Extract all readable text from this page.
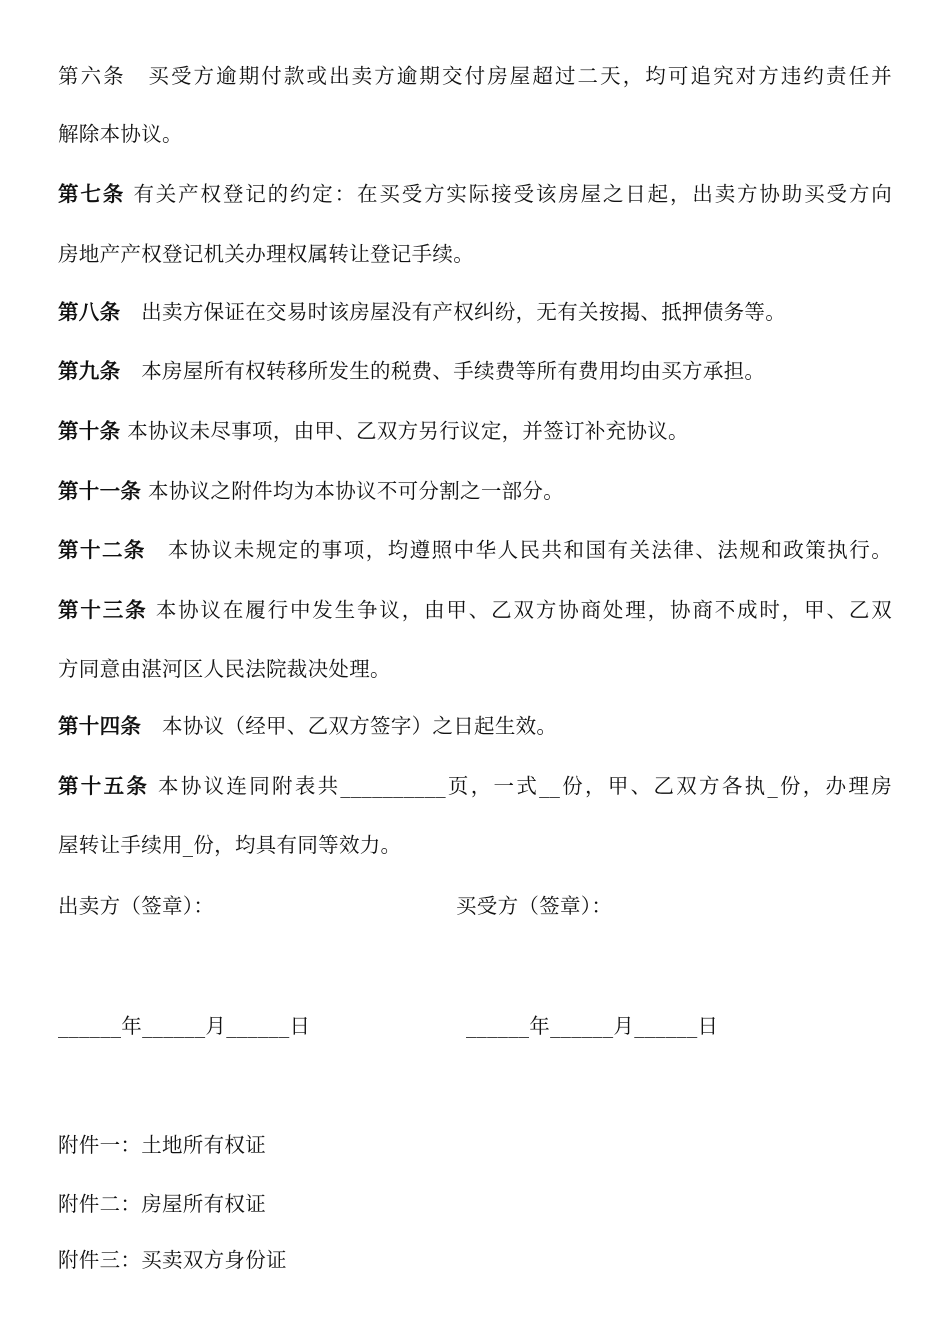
第六条  买受方逾期付款或出卖方逾期交付房屋超过二天，均可追究对方违约责任并
解除本协议。
第七条 有关产权登记的约定：在买受方实际接受该房屋之日起，出卖方协助买受方向
房地产产权登记机关办理权属转让登记手续。
第八条  出卖方保证在交易时该房屋没有产权纠纷，无有关按揭、抵押债务等。
第九条  本房屋所有权转移所发生的税费、手续费等所有费用均由买方承担。
第十条 本协议未尽事项，由甲、乙双方另行议定，并签订补充协议。
第十一条 本协议之附件均为本协议不可分割之一部分。
第十二条  本协议未规定的事项，均遵照中华人民共和国有关法律、法规和政策执行。
第十三条 本协议在履行中发生争议，由甲、乙双方协商处理，协商不成时，甲、乙双
方同意由湛河区人民法院裁决处理。
第十四条  本协议（经甲、乙双方签字）之日起生效。
第十五条 本协议连同附表共__________页，一式__份，甲、乙双方各执_份，办理房
屋转让手续用_份，均具有同等效力。
出卖方（签章）：	买受方（签章）：
______年______月______日	______年______月______日
附件一：土地所有权证
附件二：房屋所有权证
附件三：买卖双方身份证
